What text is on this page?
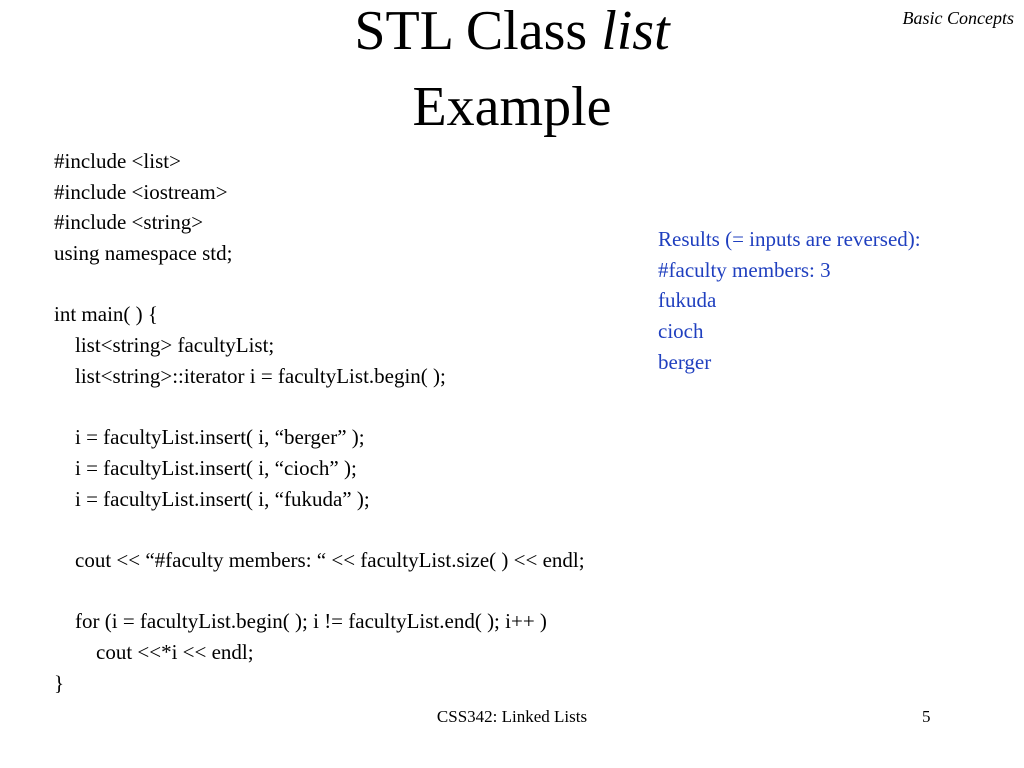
Basic Concepts
STL Class list
Example
#include <list>
#include <iostream>
#include <string>
using namespace std;
int main( ) {
list<string> facultyList;
list<string>::iterator i = facultyList.begin( );
i = facultyList.insert( i, “berger” );
i = facultyList.insert( i, “cioch” );
i = facultyList.insert( i, “fukuda” );
cout << “#faculty members: “ << facultyList.size( ) << endl;
for (i = facultyList.begin( ); i != facultyList.end( ); i++ )
cout <<*i << endl;
}
Results (= inputs are reversed):
#faculty members: 3
fukuda
cioch
berger
CSS342: Linked Lists	5
